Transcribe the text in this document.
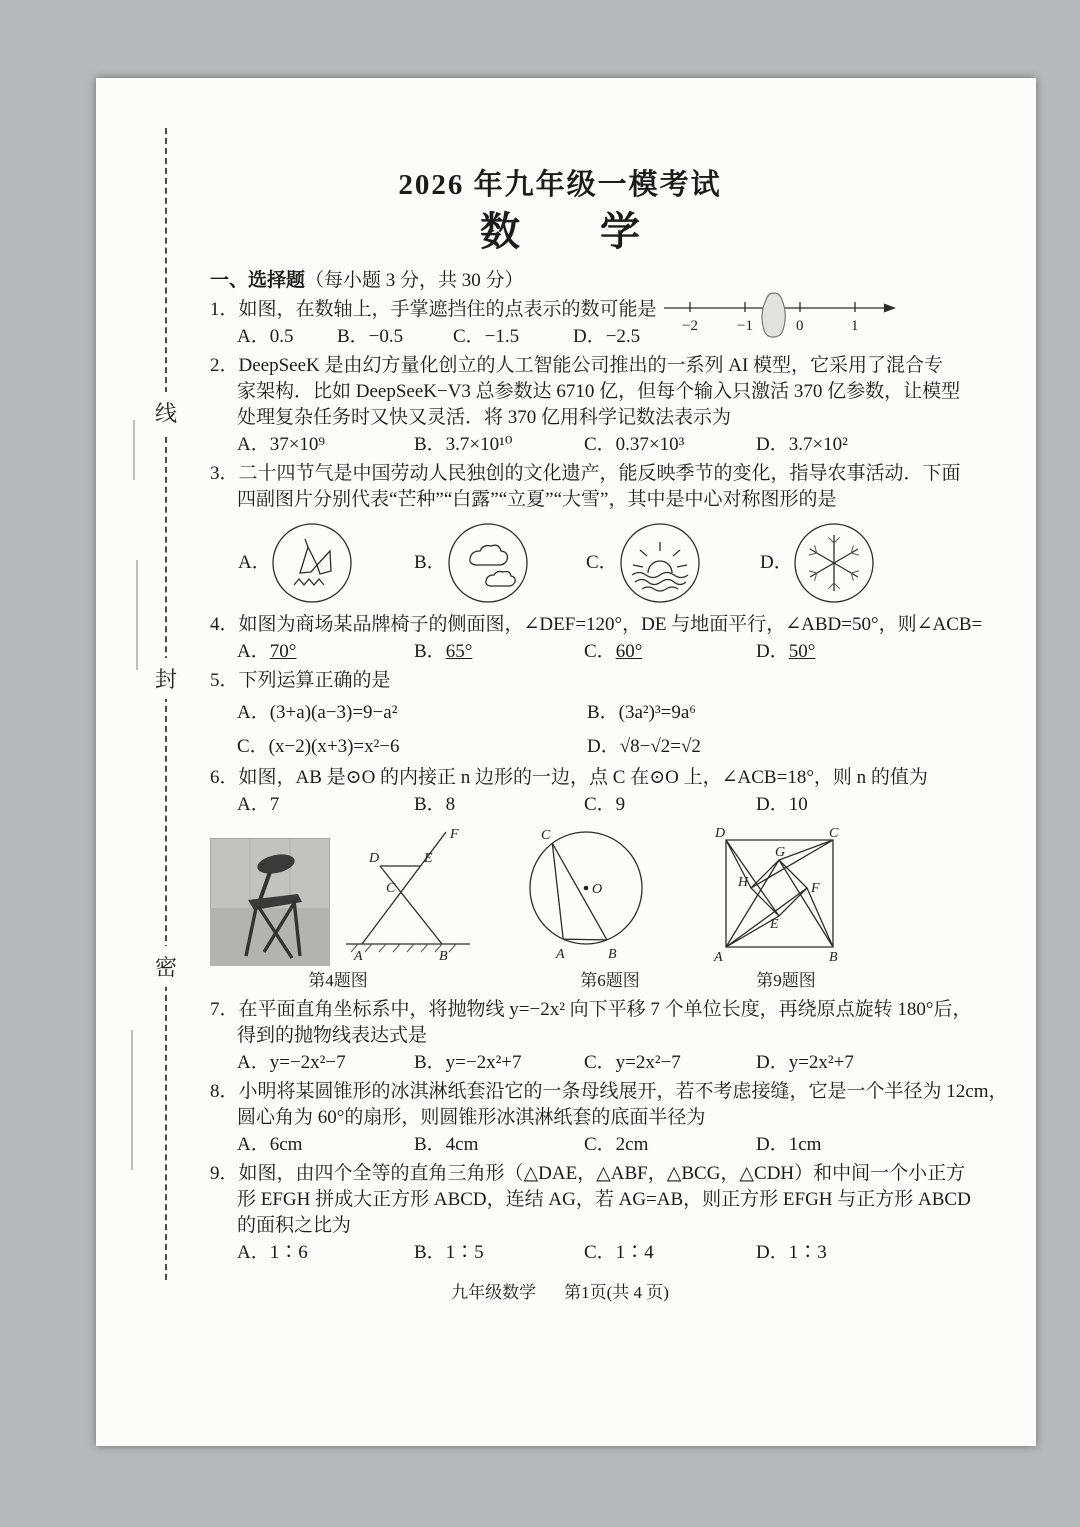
线
封
密
2026 年九年级一模考试
数　　学
一、选择题（每小题 3 分，共 30 分）
1．如图，在数轴上，手掌遮挡住的点表示的数可能是
A．0.5	B．−0.5	C．−1.5	D．−2.5	−2	−1	0	1
2．DeepSeeK 是由幻方量化创立的人工智能公司推出的一系列 AI 模型，它采用了混合专
家架构．比如 DeepSeeK−V3 总参数达 6710 亿，但每个输入只激活 370 亿参数，让模型
处理复杂任务时又快又灵活．将 370 亿用科学记数法表示为
A．37×10⁹	B．3.7×10¹⁰	C．0.37×10³	D．3.7×10²
3．二十四节气是中国劳动人民独创的文化遗产，能反映季节的变化，指导农事活动．下面
四副图片分别代表“芒种”“白露”“立夏”“大雪”，其中是中心对称图形的是
A．	B．	C．	D．
4．如图为商场某品牌椅子的侧面图，∠DEF=120°，DE 与地面平行，∠ABD=50°，则∠ACB=
A．70°	B．65°	C．60°	D．50°
5．下列运算正确的是
A．(3+a)(a−3)=9−a²	B．(3a²)³=9a⁶
C．(x−2)(x+3)=x²−6	D．√8−√2=√2
6．如图，AB 是⊙O 的内接正 n 边形的一边，点 C 在⊙O 上，∠ACB=18°，则 n 的值为
A．7	B．8	C．9	D．10
F
D	E
C
A	B
O
C
A	B
D	C
G
H	F
E
A	B
第4题图	第6题图	第9题图
7．在平面直角坐标系中，将抛物线 y=−2x² 向下平移 7 个单位长度，再绕原点旋转 180°后，
得到的抛物线表达式是
A．y=−2x²−7	B．y=−2x²+7	C．y=2x²−7	D．y=2x²+7
8．小明将某圆锥形的冰淇淋纸套沿它的一条母线展开，若不考虑接缝，它是一个半径为 12cm，
圆心角为 60°的扇形，则圆锥形冰淇淋纸套的底面半径为
A．6cm	B．4cm	C．2cm	D．1cm
9．如图，由四个全等的直角三角形（△DAE，△ABF，△BCG，△CDH）和中间一个小正方
形 EFGH 拼成大正方形 ABCD，连结 AG，若 AG=AB，则正方形 EFGH 与正方形 ABCD
的面积之比为
A．1∶6	B．1∶5	C．1∶4	D．1∶3
九年级数学 第1页(共 4 页)
